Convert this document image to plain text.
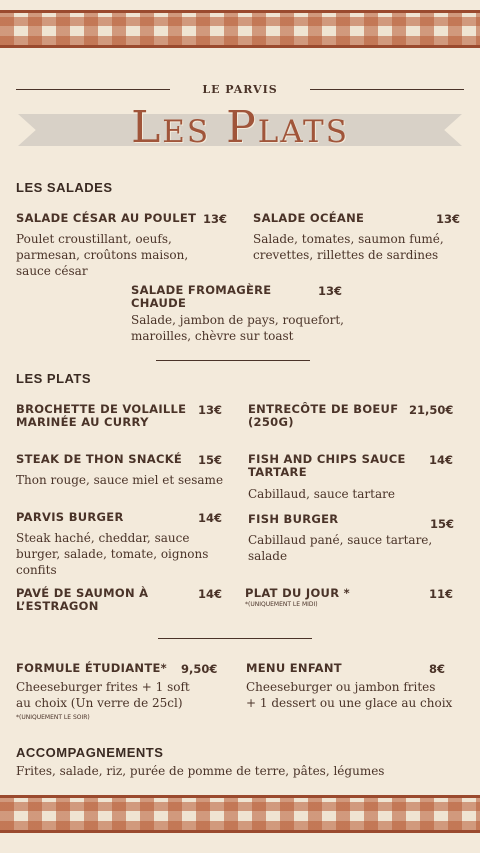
LE PARVIS
Les Plats
LES SALADES
SALADE CÉSAR AU POULET 13€
Poulet croustillant, oeufs,
parmesan, croûtons maison,
sauce césar
SALADE OCÉANE	13€
Salade, tomates, saumon fumé,
crevettes, rillettes de sardines
SALADE FROMAGÈRE
CHAUDE
13€
Salade, jambon de pays, roquefort,
maroilles, chèvre sur toast
LES PLATS
BROCHETTE DE VOLAILLE
MARINÉE AU CURRY
13€ ENTRECÔTE DE BOEUF
(250G)
21,50€
STEAK DE THON SNACKÉ 15€
Thon rouge, sauce miel et sesame
FISH AND CHIPS SAUCE
TARTARE
14€
Cabillaud, sauce tartare
PARVIS BURGER	14€
Steak haché, cheddar, sauce
burger, salade, tomate, oignons
confits
FISH BURGER	15€
Cabillaud pané, sauce tartare,
salade
PAVÉ DE SAUMON À
L’ESTRAGON
14€ PLAT DU JOUR *
*(UNIQUEMENT LE MIDI)
11€
FORMULE ÉTUDIANTE* 9,50€
Cheeseburger frites + 1 soft
au choix (Un verre de 25cl)
*(UNIQUEMENT LE SOIR)
MENU ENFANT	8€
Cheeseburger ou jambon frites
+ 1 dessert ou une glace au choix
ACCOMPAGNEMENTS
Frites, salade, riz, purée de pomme de terre, pâtes, légumes
